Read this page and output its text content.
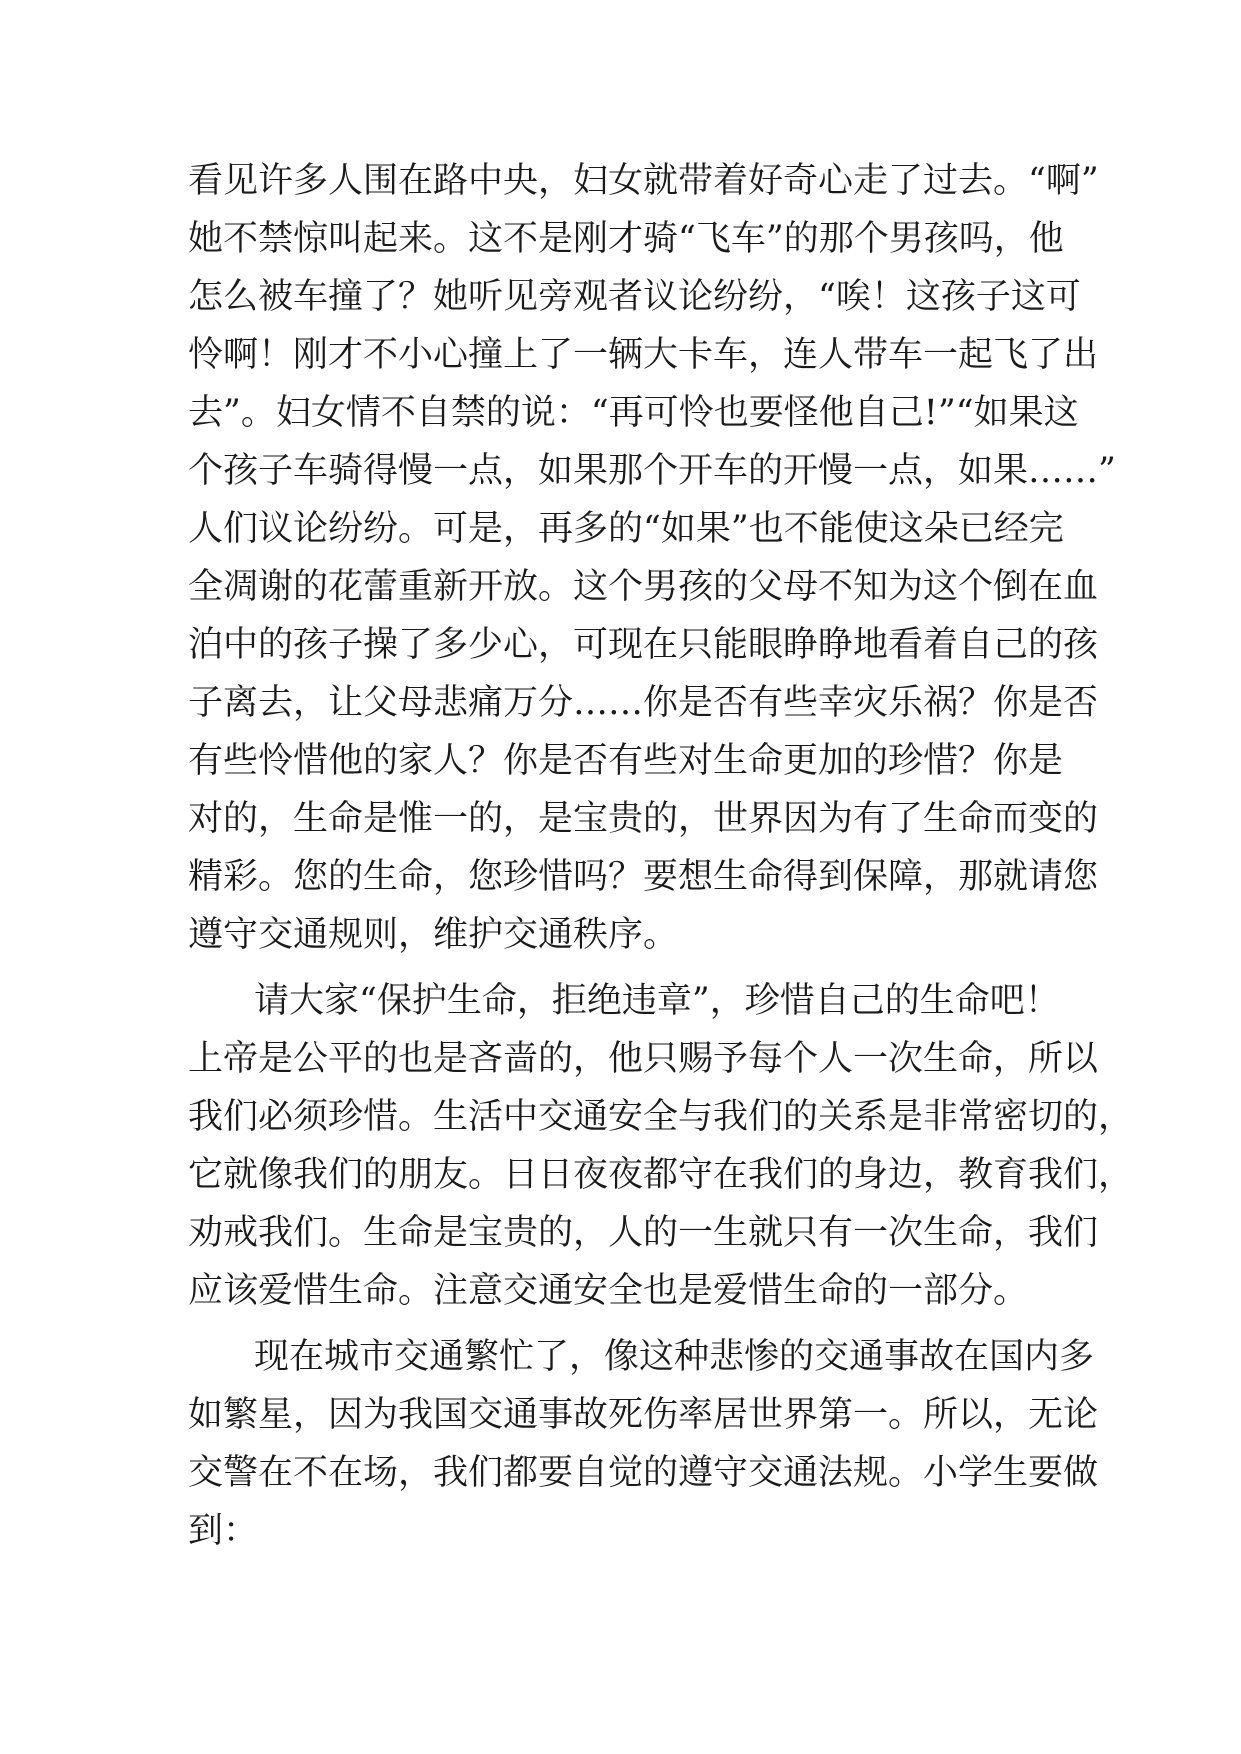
看见许多人围在路中央，妇女就带着好奇心走了过去。“啊”
她不禁惊叫起来。这不是刚才骑“飞车”的那个男孩吗，他
怎么被车撞了？她听见旁观者议论纷纷，“唉！这孩子这可
怜啊！刚才不小心撞上了一辆大卡车，连人带车一起飞了出
去”。妇女情不自禁的说：“再可怜也要怪他自己!”“如果这
个孩子车骑得慢一点，如果那个开车的开慢一点，如果……”
人们议论纷纷。可是，再多的“如果”也不能使这朵已经完
全凋谢的花蕾重新开放。这个男孩的父母不知为这个倒在血
泊中的孩子操了多少心，可现在只能眼睁睁地看着自己的孩
子离去，让父母悲痛万分……你是否有些幸灾乐祸？你是否
有些怜惜他的家人？你是否有些对生命更加的珍惜？你是
对的，生命是惟一的，是宝贵的，世界因为有了生命而变的
精彩。您的生命，您珍惜吗？要想生命得到保障，那就请您
遵守交通规则，维护交通秩序。
请大家“保护生命，拒绝违章”，珍惜自己的生命吧！
上帝是公平的也是吝啬的，他只赐予每个人一次生命，所以
我们必须珍惜。生活中交通安全与我们的关系是非常密切的，
它就像我们的朋友。日日夜夜都守在我们的身边，教育我们，
劝戒我们。生命是宝贵的，人的一生就只有一次生命，我们
应该爱惜生命。注意交通安全也是爱惜生命的一部分。
现在城市交通繁忙了，像这种悲惨的交通事故在国内多
如繁星，因为我国交通事故死伤率居世界第一。所以，无论
交警在不在场，我们都要自觉的遵守交通法规。小学生要做
到：
